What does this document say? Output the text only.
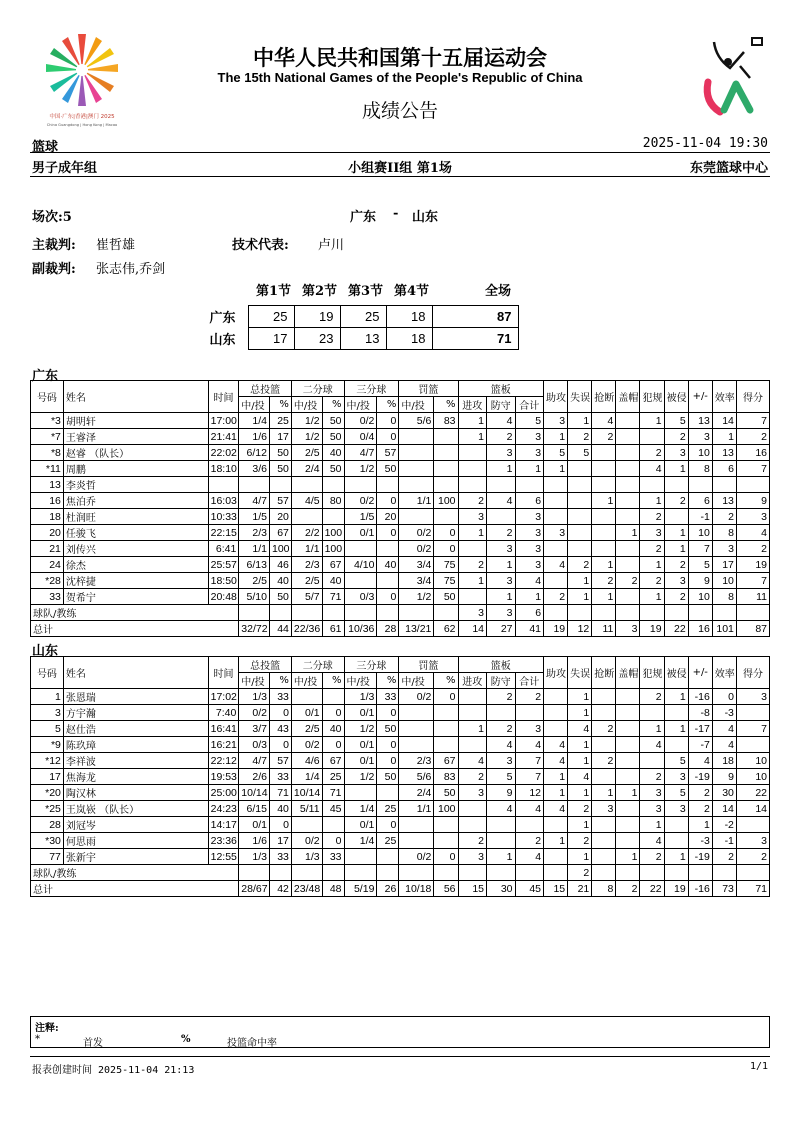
中国·广东|香港|澳门 2025
China Guangdong | Hong Kong | Macao
中华人民共和国第十五届运动会
The 15th National Games of the People's Republic of China
成绩公告
篮球	2025-11-04 19:30
男子成年组	小组赛II组 第1场	东莞篮球中心
场次:5	广东 - 山东
主裁判: 崔哲雄	技术代表: 卢川
副裁判: 张志伟,乔剑
第1节 第2节 第3节 第4节	全场
广东	25	19	25	18	87
山东	17	23	13	18	71
广东
号码	姓名	时间	总投篮		二分球		三分球		罚篮		篮板			助攻	失误	抢断	盖帽	犯规	被侵	+/-	效率	得分
			中/投	%	中/投	%	中/投	%	中/投	%	进攻	防守	合计									
*3	胡明轩	17:00	1/4	25	1/2	50	0/2	0	5/6	83	1	4	5	3	1	4		1	5	13	14	7
*7	王睿泽	21:41	1/6	17	1/2	50	0/4	0			1	2	3	1	2	2			2	3	1	2
*8	赵睿 （队长）	22:02	6/12	50	2/5	40	4/7	57				3	3	5	5			2	3	10	13	16
*11	周鹏	18:10	3/6	50	2/4	50	1/2	50				1	1	1				4	1	8	6	7
13	李炎哲																					
16	焦泊乔	16:03	4/7	57	4/5	80	0/2	0	1/1	100	2	4	6			1		1	2	6	13	9
18	杜润旺	10:33	1/5	20			1/5	20			3		3					2		-1	2	3
20	任骏飞	22:15	2/3	67	2/2	100	0/1	0	0/2	0	1	2	3	3			1	3	1	10	8	4
21	刘传兴	6:41	1/1	100	1/1	100			0/2	0		3	3					2	1	7	3	2
24	徐杰	25:57	6/13	46	2/3	67	4/10	40	3/4	75	2	1	3	4	2	1		1	2	5	17	19
*28	沈梓捷	18:50	2/5	40	2/5	40			3/4	75	1	3	4		1	2	2	2	3	9	10	7
33	贺希宁	20:48	5/10	50	5/7	71	0/3	0	1/2	50		1	1	2	1	1		1	2	10	8	11
球队/教练											3	3	6									
总计			32/72	44	22/36	61	10/36	28	13/21	62	14	27	41	19	12	11	3	19	22	16	101	87
山东
号码	姓名	时间	总投篮		二分球		三分球		罚篮		篮板			助攻	失误	抢断	盖帽	犯规	被侵	+/-	效率	得分
			中/投	%	中/投	%	中/投	%	中/投	%	进攻	防守	合计									
1	张恩瑞	17:02	1/3	33			1/3	33	0/2	0		2	2		1			2	1	-16	0	3
3	方宇瀚	7:40	0/2	0	0/1	0	0/1	0							1					-8	-3	
5	赵仕浩	16:41	3/7	43	2/5	40	1/2	50			1	2	3		4	2		1	1	-17	4	7
*9	陈玖璋	16:21	0/3	0	0/2	0	0/1	0				4	4	4	1			4		-7	4	
*12	李祥波	22:12	4/7	57	4/6	67	0/1	0	2/3	67	4	3	7	4	1	2			5	4	18	10
17	焦海龙	19:53	2/6	33	1/4	25	1/2	50	5/6	83	2	5	7	1	4			2	3	-19	9	10
*20	陶汉林	25:00	10/14	71	10/14	71			2/4	50	3	9	12	1	1	1	1	3	5	2	30	22
*25	王岚嵚 （队长）	24:23	6/15	40	5/11	45	1/4	25	1/1	100		4	4	4	2	3		3	3	2	14	14
28	刘冠岑	14:17	0/1	0			0/1	0							1			1		1	-2	
*30	何思雨	23:36	1/6	17	0/2	0	1/4	25			2		2	1	2			4		-3	-1	3
77	张新宇	12:55	1/3	33	1/3	33			0/2	0	3	1	4		1		1	2	1	-19	2	2
球队/教练															2							
总计			28/67	42	23/48	48	5/19	26	10/18	56	15	30	45	15	21	8	2	22	19	-16	73	71
注释:
*	首发	%	投篮命中率
报表创建时间 2025-11-04 21:13	1/1
